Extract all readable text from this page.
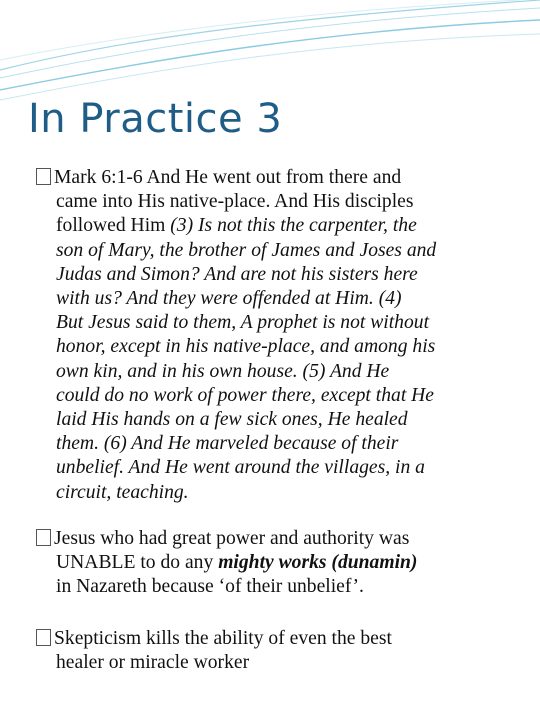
In Practice 3
Mark 6:1-6 And He went out from there and
came into His native-place. And His disciples
followed Him (3) Is not this the carpenter, the
son of Mary, the brother of James and Joses and
Judas and Simon? And are not his sisters here
with us? And they were offended at Him. (4)
But Jesus said to them, A prophet is not without
honor, except in his native-place, and among his
own kin, and in his own house. (5) And He
could do no work of power there, except that He
laid His hands on a few sick ones, He healed
them. (6) And He marveled because of their
unbelief. And He went around the villages, in a
circuit, teaching.
Jesus who had great power and authority was
UNABLE to do any mighty works (dunamin)
in Nazareth because ‘of their unbelief’.
Skepticism kills the ability of even the best
healer or miracle worker
